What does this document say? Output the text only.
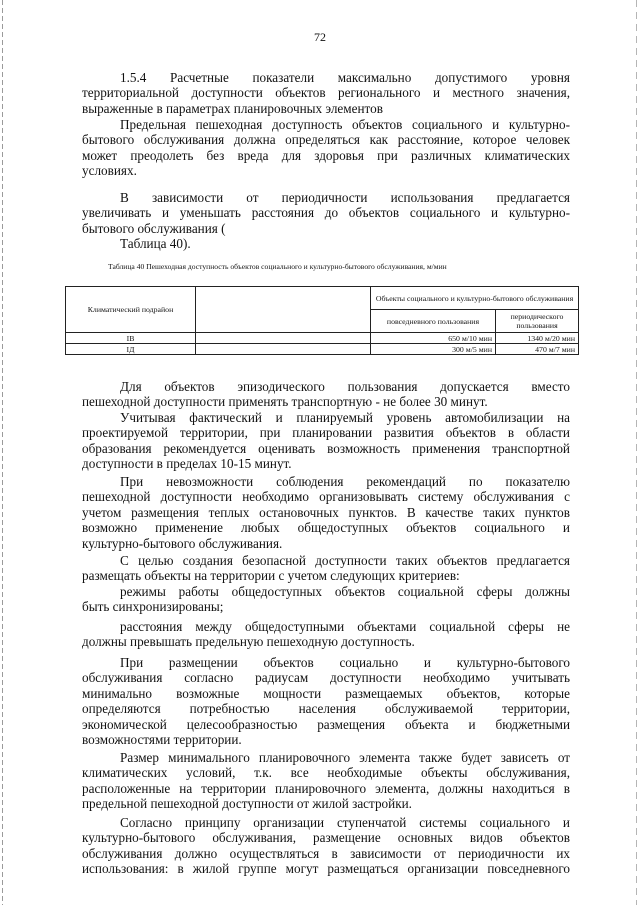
72

1.5.4 Расчетные показатели максимально допустимого уровня

территориальной доступности объектов регионального и местного значения,

выраженные в параметрах планировочных элементов

Предельная пешеходная доступность объектов социального и культурно-

бытового обслуживания должна определяться как расстояние, которое человек

может преодолеть без вреда для здоровья при различных климатических

условиях.

В зависимости от периодичности использования предлагается

увеличивать и уменьшать расстояния до объектов социального и культурно-

бытового обслуживания (

Таблица 40).

Таблица 40 Пешеходная доступность объектов социального и культурно-бытового обслуживания, м/мин
Климатический подрайон		Объекты социального и культурно-бытового обслуживания	
		повседневного пользования	периодического пользования
IB		650 м/10 мин	1340 м/20 мин
IД		300 м/5 мин	470 м/7 мин

Для объектов эпизодического пользования допускается вместо

пешеходной доступности применять транспортную - не более 30 минут.

Учитывая фактический и планируемый уровень автомобилизации на

проектируемой территории, при планировании развития объектов в области

образования рекомендуется оценивать возможность применения транспортной

доступности в пределах 10-15 минут.

При невозможности соблюдения рекомендаций по показателю

пешеходной доступности необходимо организовывать систему обслуживания с

учетом размещения теплых остановочных пунктов. В качестве таких пунктов

возможно применение любых общедоступных объектов социального и

культурно-бытового обслуживания.

С целью создания безопасной доступности таких объектов предлагается

размещать объекты на территории с учетом следующих критериев:

режимы работы общедоступных объектов социальной сферы должны

быть синхронизированы;

расстояния между общедоступными объектами социальной сферы не

должны превышать предельную пешеходную доступность.

При размещении объектов социально и культурно-бытового

обслуживания согласно радиусам доступности необходимо учитывать

минимально возможные мощности размещаемых объектов, которые

определяются потребностью населения обслуживаемой территории,

экономической целесообразностью размещения объекта и бюджетными

возможностями территории.

Размер минимального планировочного элемента также будет зависеть от

климатических условий, т.к. все необходимые объекты обслуживания,

расположенные на территории планировочного элемента, должны находиться в

предельной пешеходной доступности от жилой застройки.

Согласно принципу организации ступенчатой системы социального и

культурно-бытового обслуживания, размещение основных видов объектов

обслуживания должно осуществляться в зависимости от периодичности их

использования: в жилой группе могут размещаться организации повседневного
